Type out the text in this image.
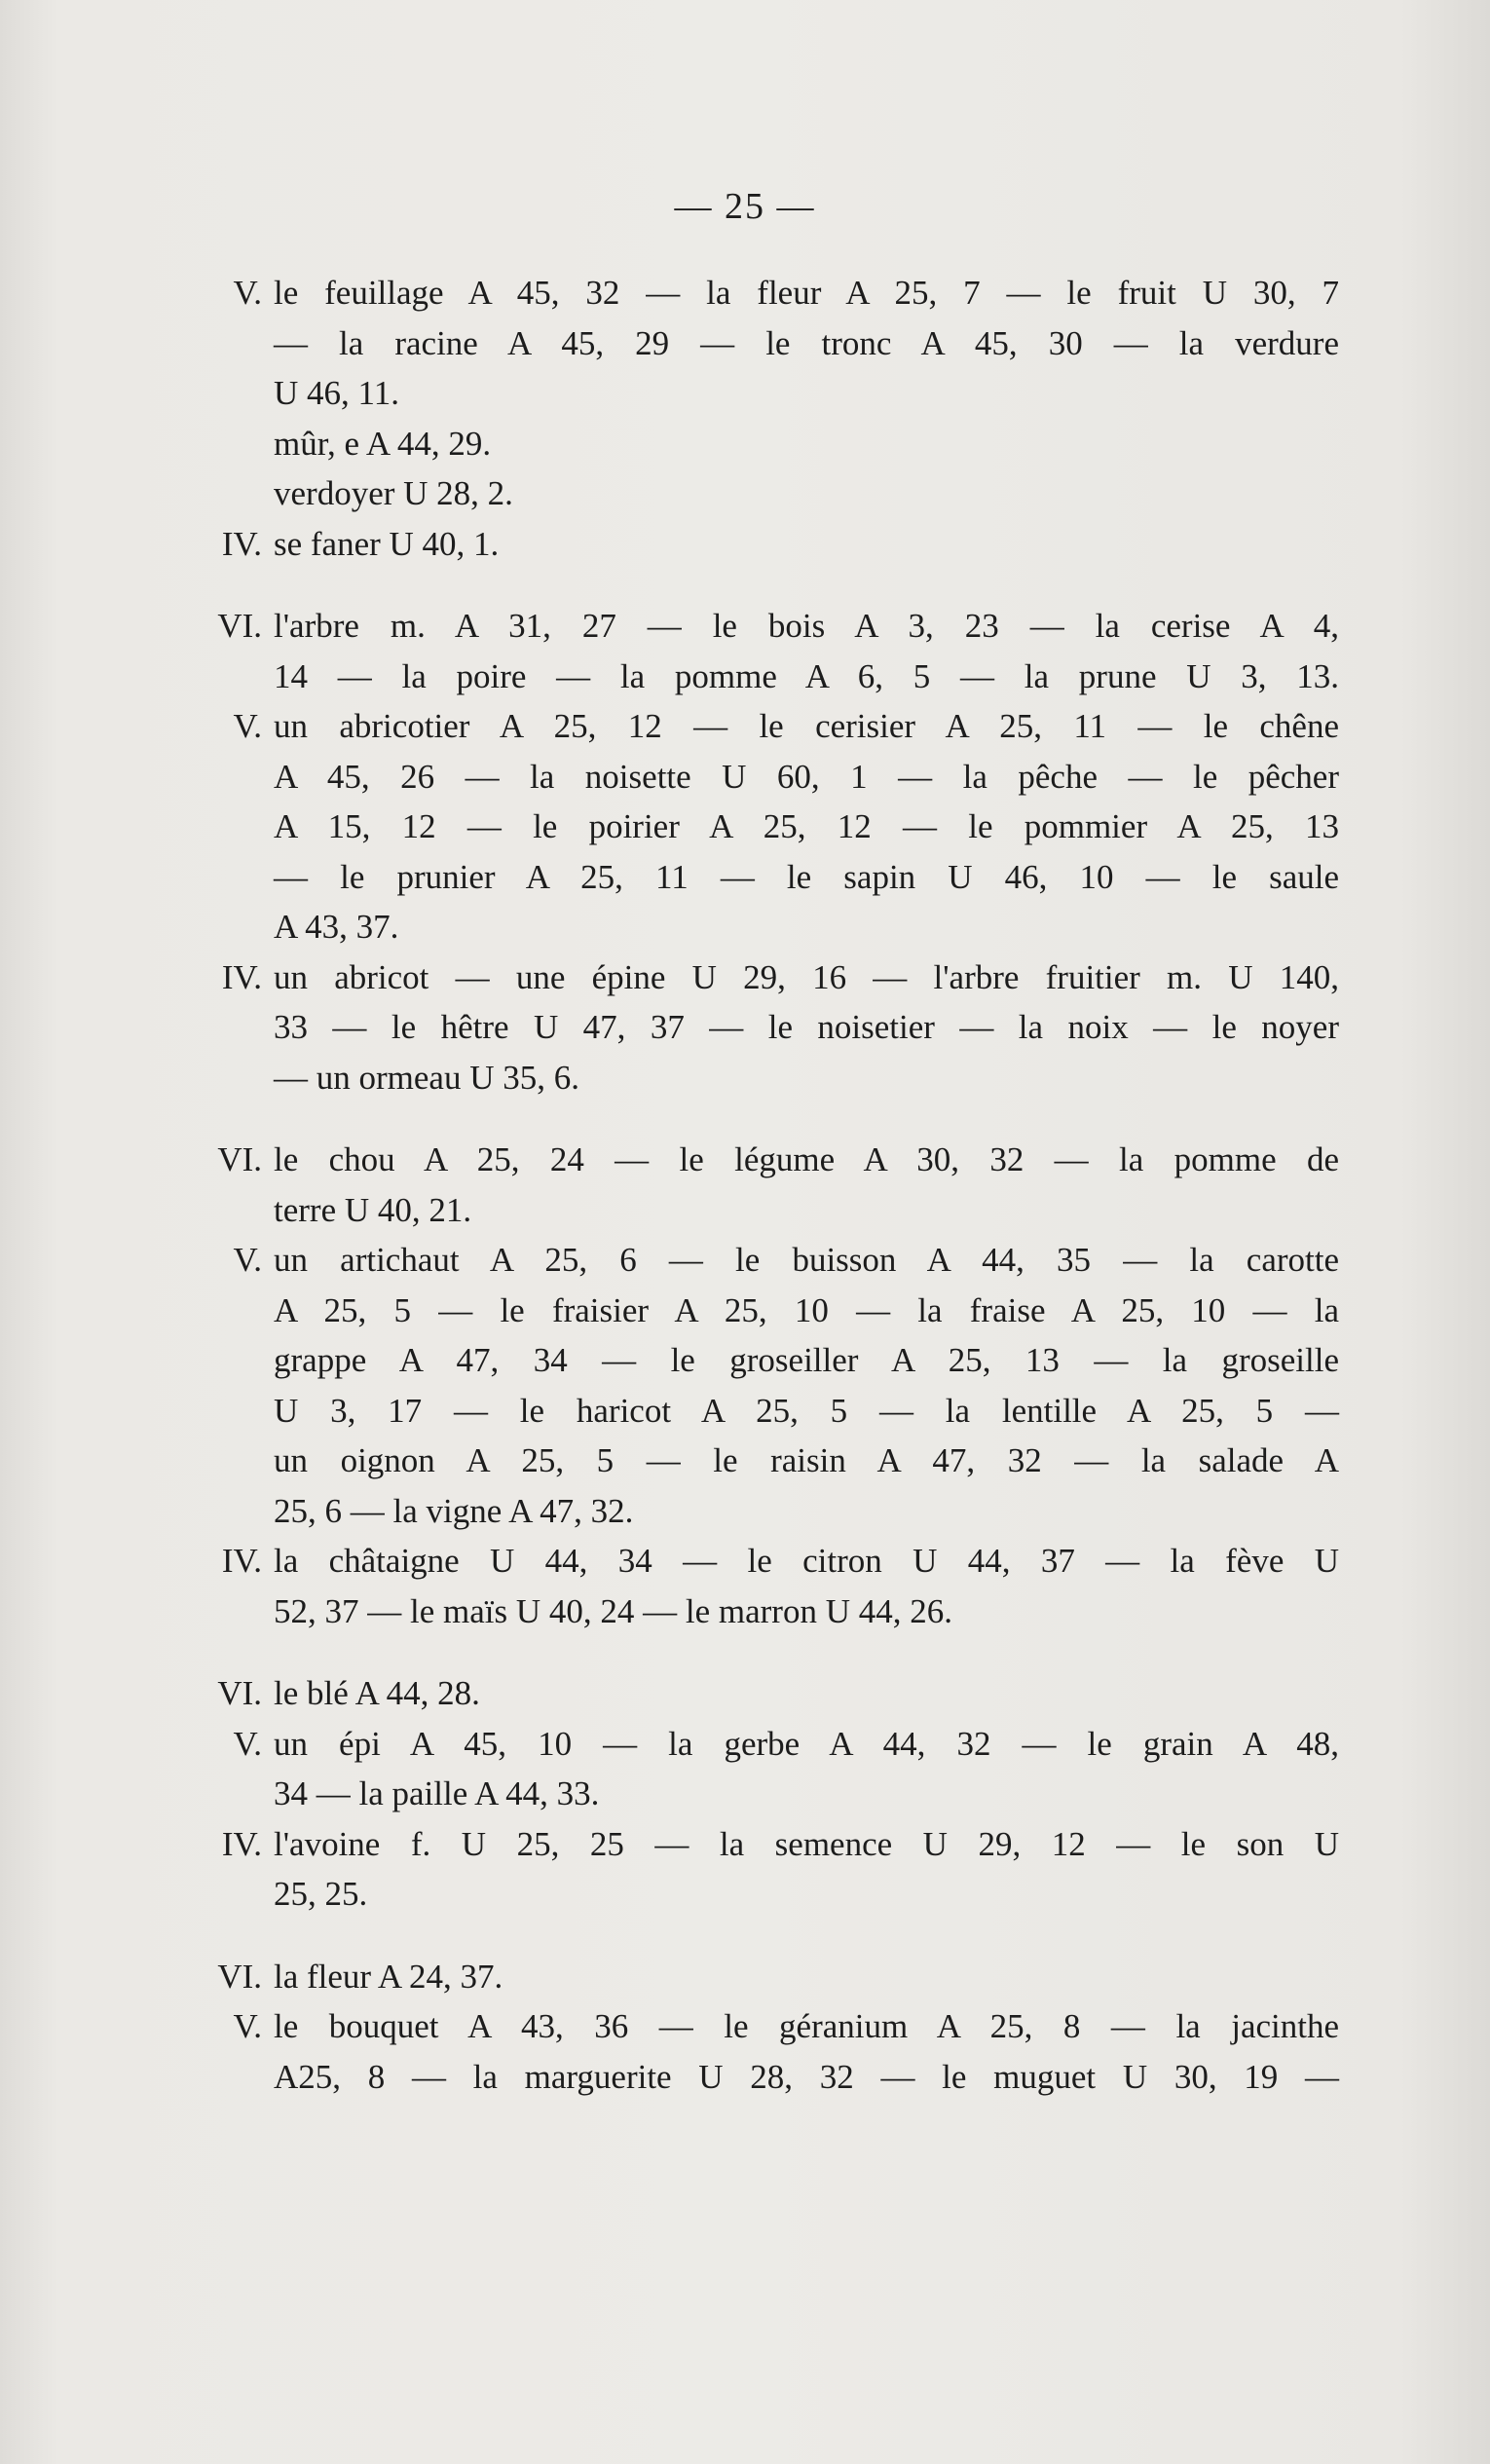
— 25 —
V. le feuillage A 45, 32 — la fleur A 25, 7 — le fruit U 30, 7
— la racine A 45, 29 — le tronc A 45, 30 — la verdure
U 46, 11.
mûr, e A 44, 29.
verdoyer U 28, 2.
IV. se faner U 40, 1.
VI. l'arbre m. A 31, 27 — le bois A 3, 23 — la cerise A 4,
14 — la poire — la pomme A 6, 5 — la prune U 3, 13.
V. un abricotier A 25, 12 — le cerisier A 25, 11 — le chêne
A 45, 26 — la noisette U 60, 1 — la pêche — le pêcher
A 15, 12 — le poirier A 25, 12 — le pommier A 25, 13
— le prunier A 25, 11 — le sapin U 46, 10 — le saule
A 43, 37.
IV. un abricot — une épine U 29, 16 — l'arbre fruitier m. U 140,
33 — le hêtre U 47, 37 — le noisetier — la noix — le noyer
— un ormeau U 35, 6.
VI. le chou A 25, 24 — le légume A 30, 32 — la pomme de
terre U 40, 21.
V. un artichaut A 25, 6 — le buisson A 44, 35 — la carotte
A 25, 5 — le fraisier A 25, 10 — la fraise A 25, 10 — la
grappe A 47, 34 — le groseiller A 25, 13 — la groseille
U 3, 17 — le haricot A 25, 5 — la lentille A 25, 5 —
un oignon A 25, 5 — le raisin A 47, 32 — la salade A
25, 6 — la vigne A 47, 32.
IV. la châtaigne U 44, 34 — le citron U 44, 37 — la fève U
52, 37 — le maïs U 40, 24 — le marron U 44, 26.
VI. le blé A 44, 28.
V. un épi A 45, 10 — la gerbe A 44, 32 — le grain A 48,
34 — la paille A 44, 33.
IV. l'avoine f. U 25, 25 — la semence U 29, 12 — le son U
25, 25.
VI. la fleur A 24, 37.
V. le bouquet A 43, 36 — le géranium A 25, 8 — la jacinthe
A25, 8 — la marguerite U 28, 32 — le muguet U 30, 19 —
